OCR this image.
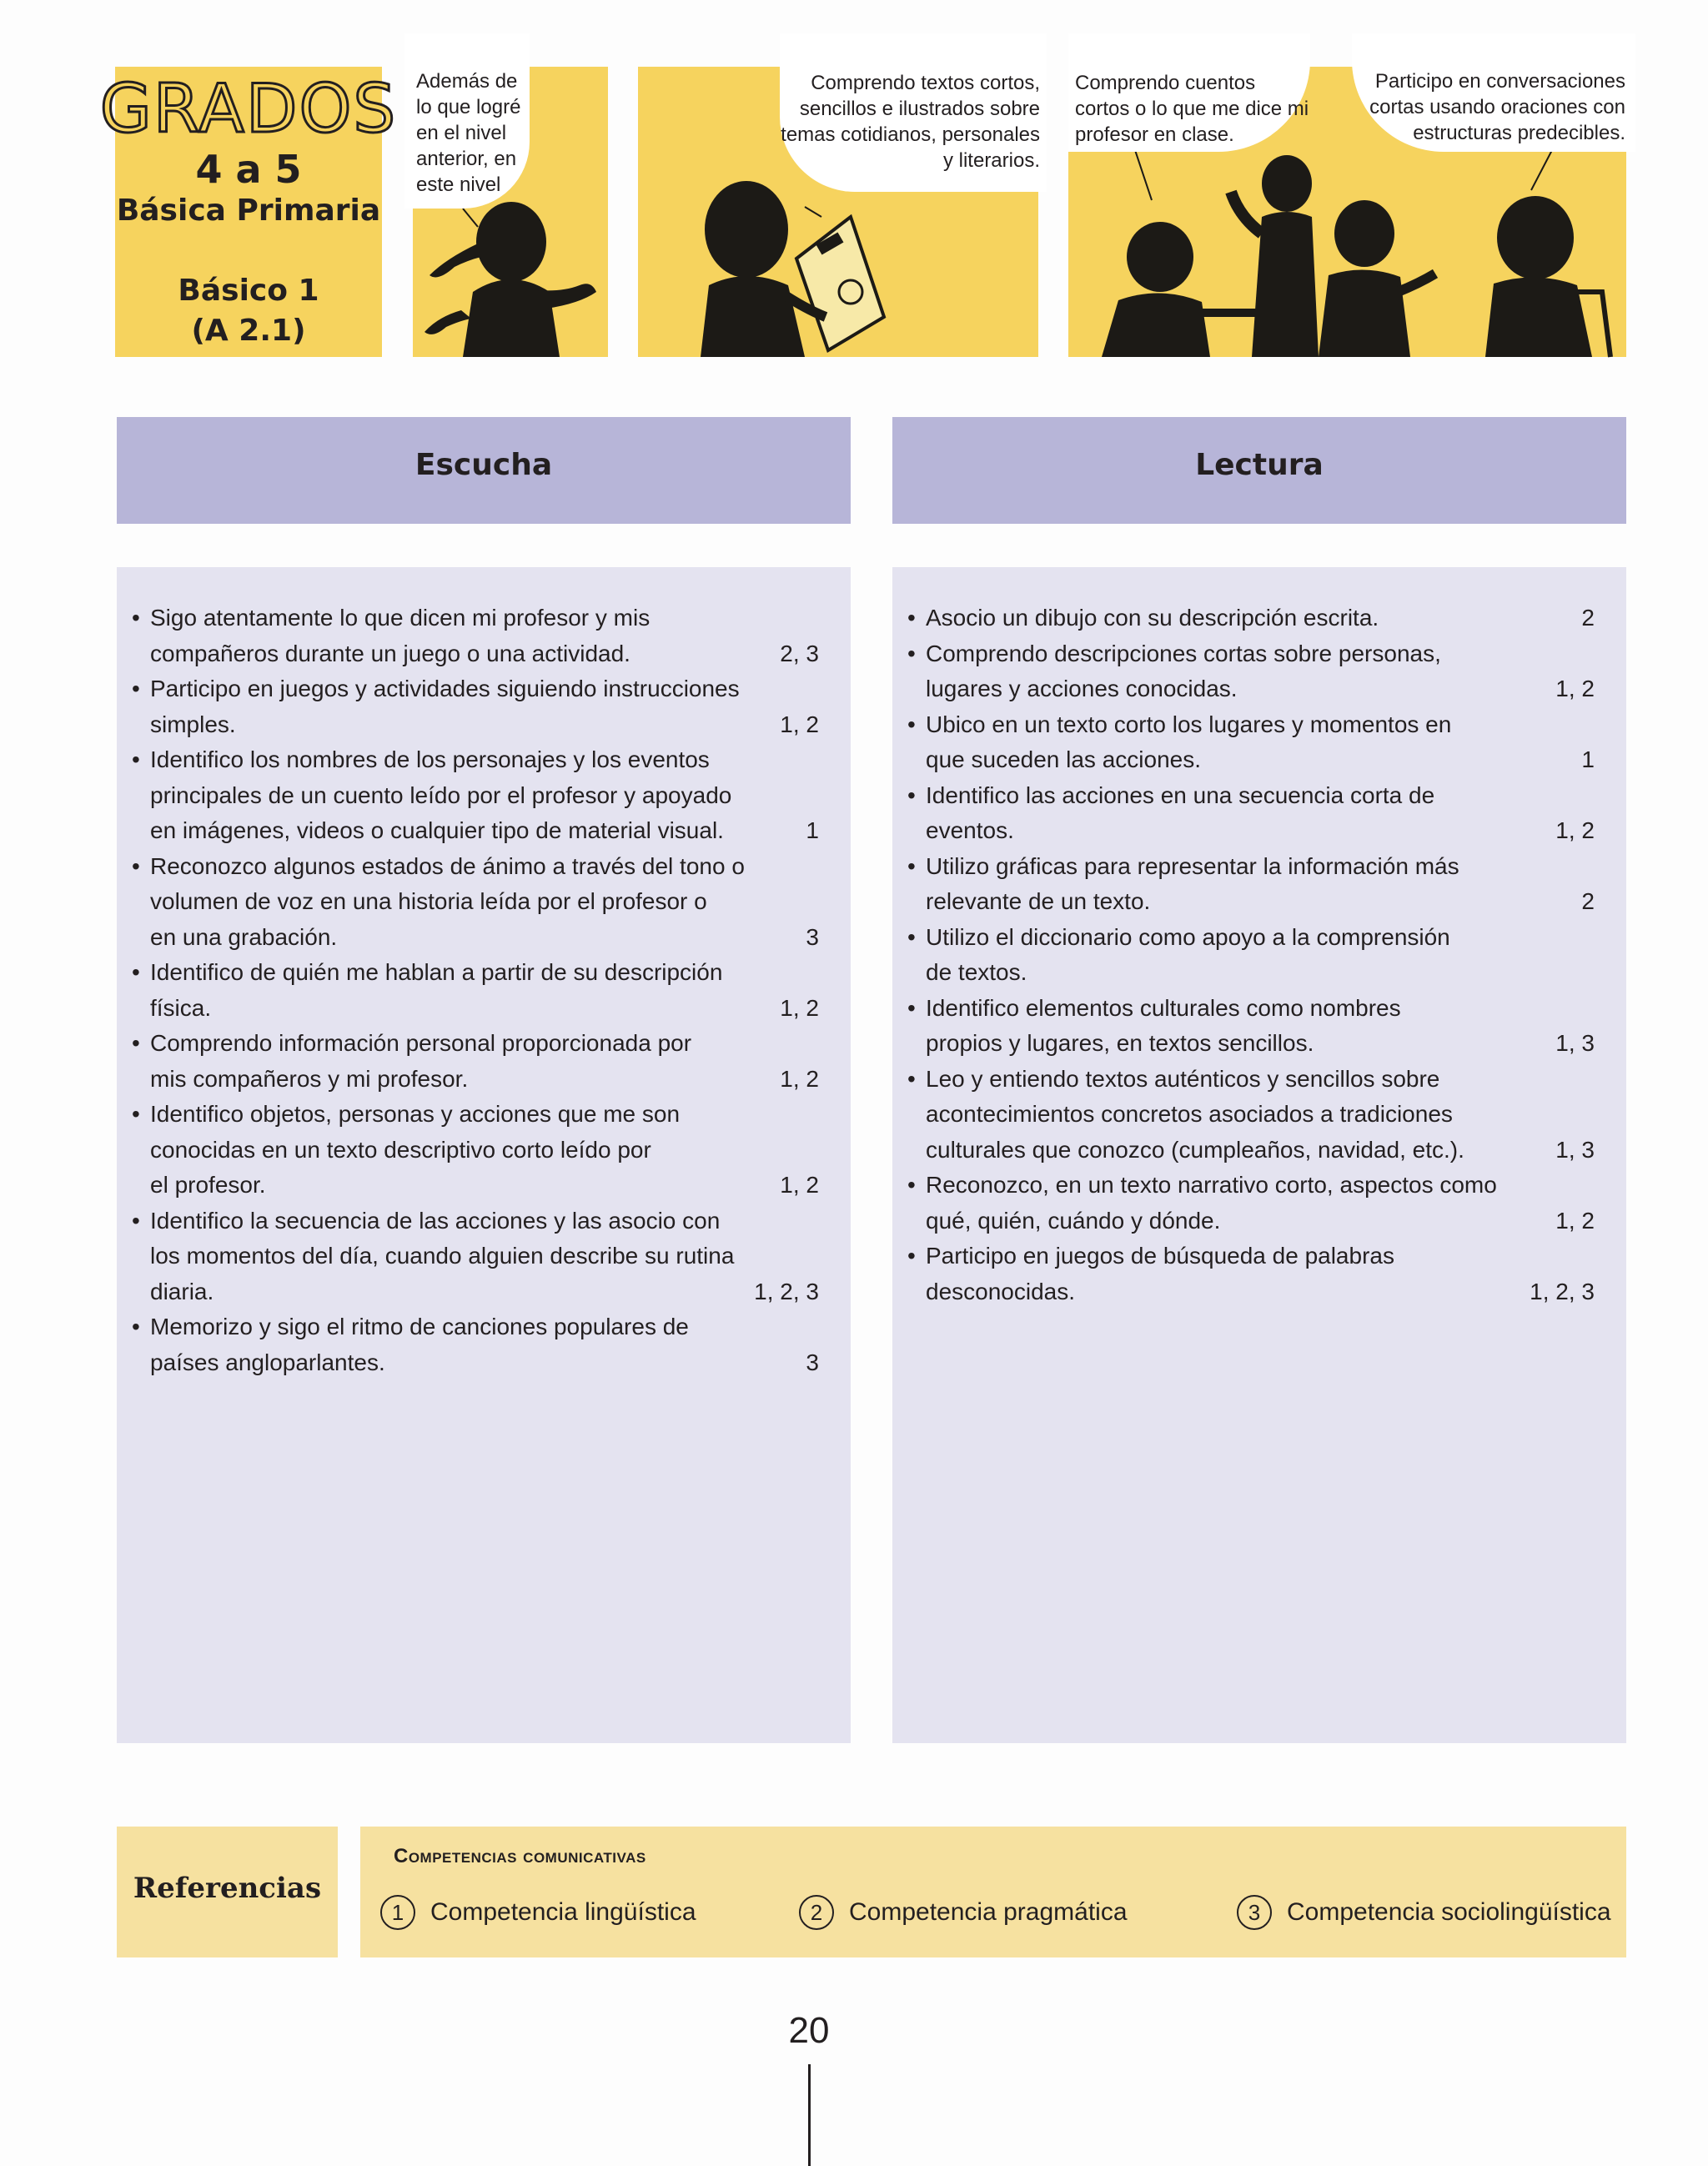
GRADOS
4 a 5
Básica Primaria
Básico 1
(A 2.1)
Además de lo que logré en el nivel anterior, en este nivel
Comprendo textos cortos, sencillos e ilustrados sobre temas cotidianos, personales y literarios.
Comprendo cuentos cortos o lo que me dice mi profesor en clase.
Participo en conversaciones cortas usando oraciones con estructuras predecibles.
Escucha	Lectura
• Sigo atentamente lo que dicen mi profesor y mis
compañeros durante un juego o una actividad.	2, 3
• Participo en juegos y actividades siguiendo instrucciones
simples.	1, 2
• Identifico los nombres de los personajes y los eventos
principales de un cuento leído por el profesor y apoyado
en imágenes, videos o cualquier tipo de material visual.	1
• Reconozco algunos estados de ánimo a través del tono o
volumen de voz en una historia leída por el profesor o
en una grabación.	3
• Identifico de quién me hablan a partir de su descripción
física.	1, 2
• Comprendo información personal proporcionada por
mis compañeros y mi profesor.	1, 2
• Identifico objetos, personas y acciones que me son
conocidas en un texto descriptivo corto leído por
el profesor.	1, 2
• Identifico la secuencia de las acciones y las asocio con
los momentos del día, cuando alguien describe su rutina
diaria.	1, 2, 3
• Memorizo y sigo el ritmo de canciones populares de
países angloparlantes.	3
• Asocio un dibujo con su descripción escrita.	2
• Comprendo descripciones cortas sobre personas,
lugares y acciones conocidas.	1, 2
• Ubico en un texto corto los lugares y momentos en
que suceden las acciones.	1
• Identifico las acciones en una secuencia corta de
eventos.	1, 2
• Utilizo gráficas para representar la información más
relevante de un texto.	2
• Utilizo el diccionario como apoyo a la comprensión
de textos.
• Identifico elementos culturales como nombres
propios y lugares, en textos sencillos.	1, 3
• Leo y entiendo textos auténticos y sencillos sobre
acontecimientos concretos asociados a tradiciones
culturales que conozco (cumpleaños, navidad, etc.).	1, 3
• Reconozco, en un texto narrativo corto, aspectos como
qué, quién, cuándo y dónde.	1, 2
• Participo en juegos de búsqueda de palabras
desconocidas.	1, 2, 3
Referencias
Competencias comunicativas
1	Competencia lingüística	2	Competencia pragmática	3	Competencia sociolingüística
20
